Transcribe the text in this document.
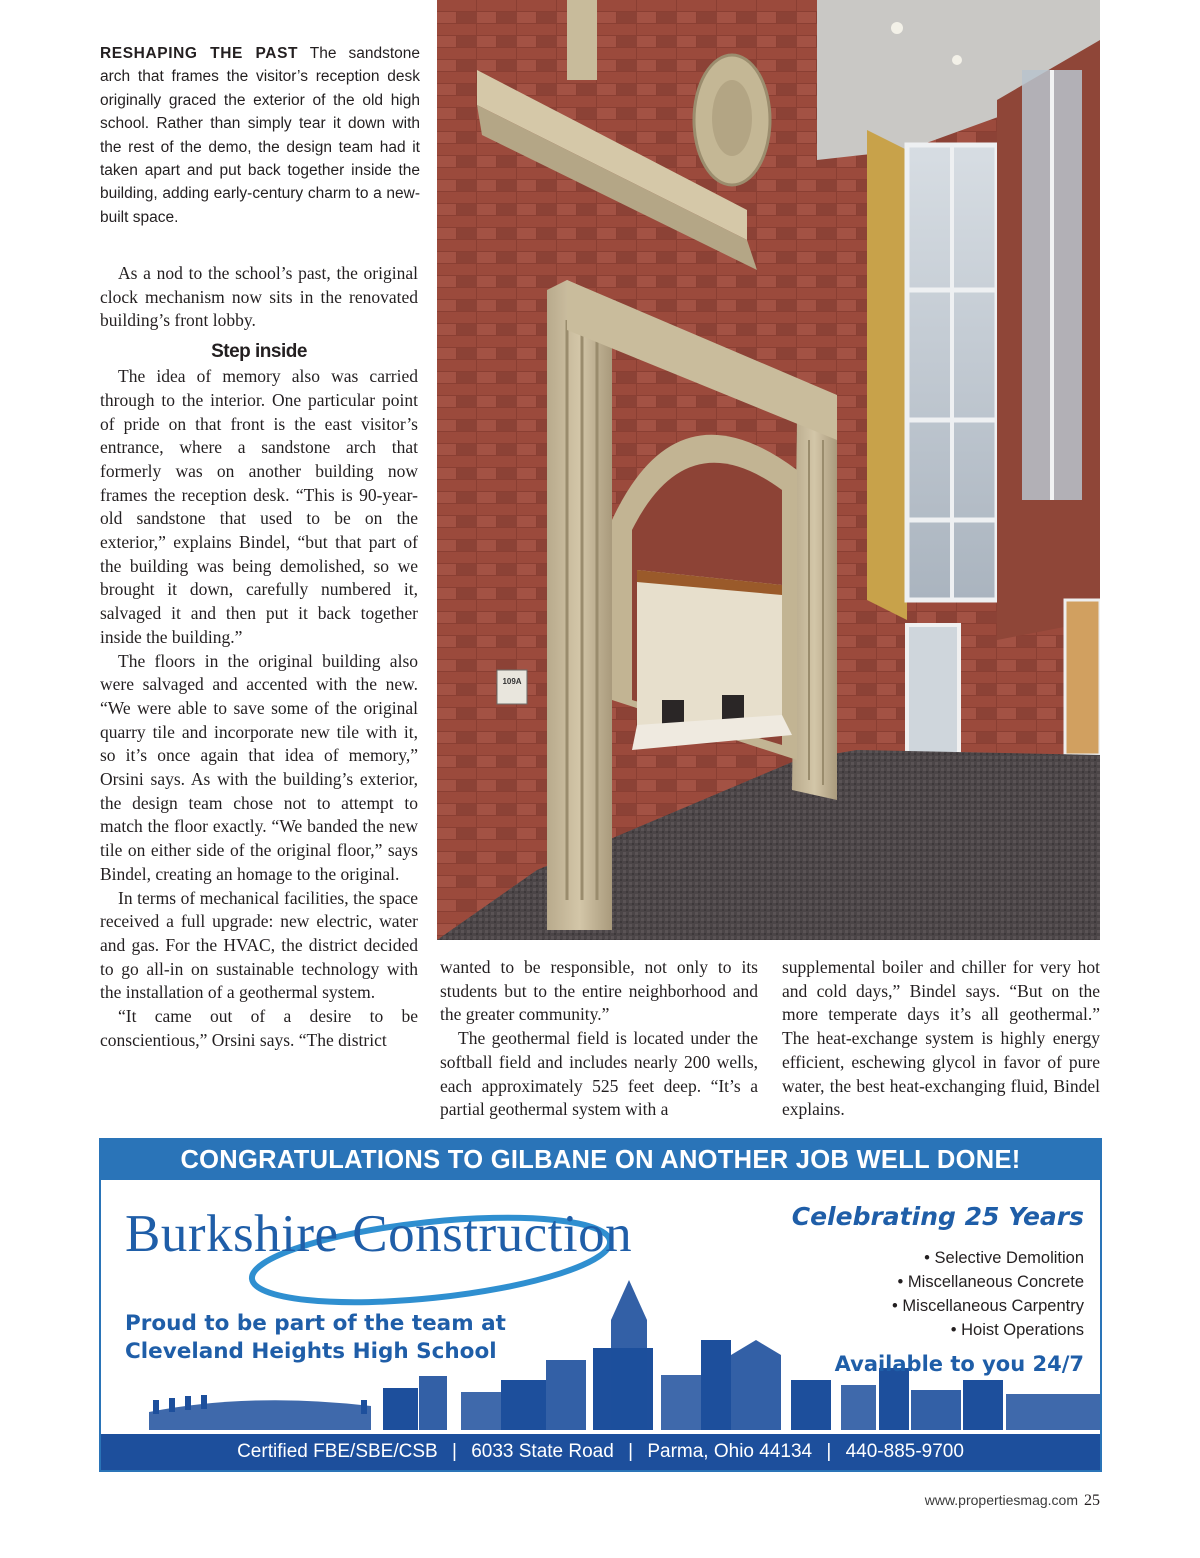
RESHAPING THE PAST The sandstone arch that frames the visitor’s reception desk originally graced the exterior of the old high school. Rather than simply tear it down with the rest of the demo, the design team had it taken apart and put back together inside the building, adding early-century charm to a new-built space.

As a nod to the school’s past, the original clock mechanism now sits in the renovated building’s front lobby.

Step inside

The idea of memory also was carried through to the interior. One particular point of pride on that front is the east visitor’s entrance, where a sandstone arch that formerly was on another building now frames the reception desk. “This is 90-year-old sandstone that used to be on the exterior,” explains Bindel, “but that part of the building was being demolished, so we brought it down, carefully numbered it, salvaged it and then put it back together inside the building.”

The floors in the original building also were salvaged and accented with the new. “We were able to save some of the original quarry tile and incorporate new tile with it, so it’s once again that idea of memory,” Orsini says. As with the building’s exterior, the design team chose not to attempt to match the floor exactly. “We banded the new tile on either side of the original floor,” says Bindel, creating an homage to the original.

In terms of mechanical facilities, the space received a full upgrade: new electric, water and gas. For the HVAC, the district decided to go all-in on sustainable technology with the installation of a geothermal system.

“It came out of a desire to be conscientious,” Orsini says. “The district

wanted to be responsible, not only to its students but to the entire neighborhood and the greater community.”

The geothermal field is located under the softball field and includes nearly 200 wells, each approximately 525 feet deep. “It’s a partial geothermal system with a

supplemental boiler and chiller for very hot and cold days,” Bindel says. “But on the more temperate days it’s all geothermal.” The heat-exchange system is highly energy efficient, eschewing glycol in favor of pure water, the best heat-exchanging fluid, Bindel explains.

109A
CONGRATULATIONS TO GILBANE ON ANOTHER JOB WELL DONE!
Burkshire Construction
Proud to be part of the team at
Cleveland Heights High School
Celebrating 25 Years
• Selective Demolition
• Miscellaneous Concrete
• Miscellaneous Carpentry
• Hoist Operations
Available to you 24/7
Certified FBE/SBE/CSB | 6033 State Road | Parma, Ohio 44134 | 440-885-9700
www.propertiesmag.com 25
